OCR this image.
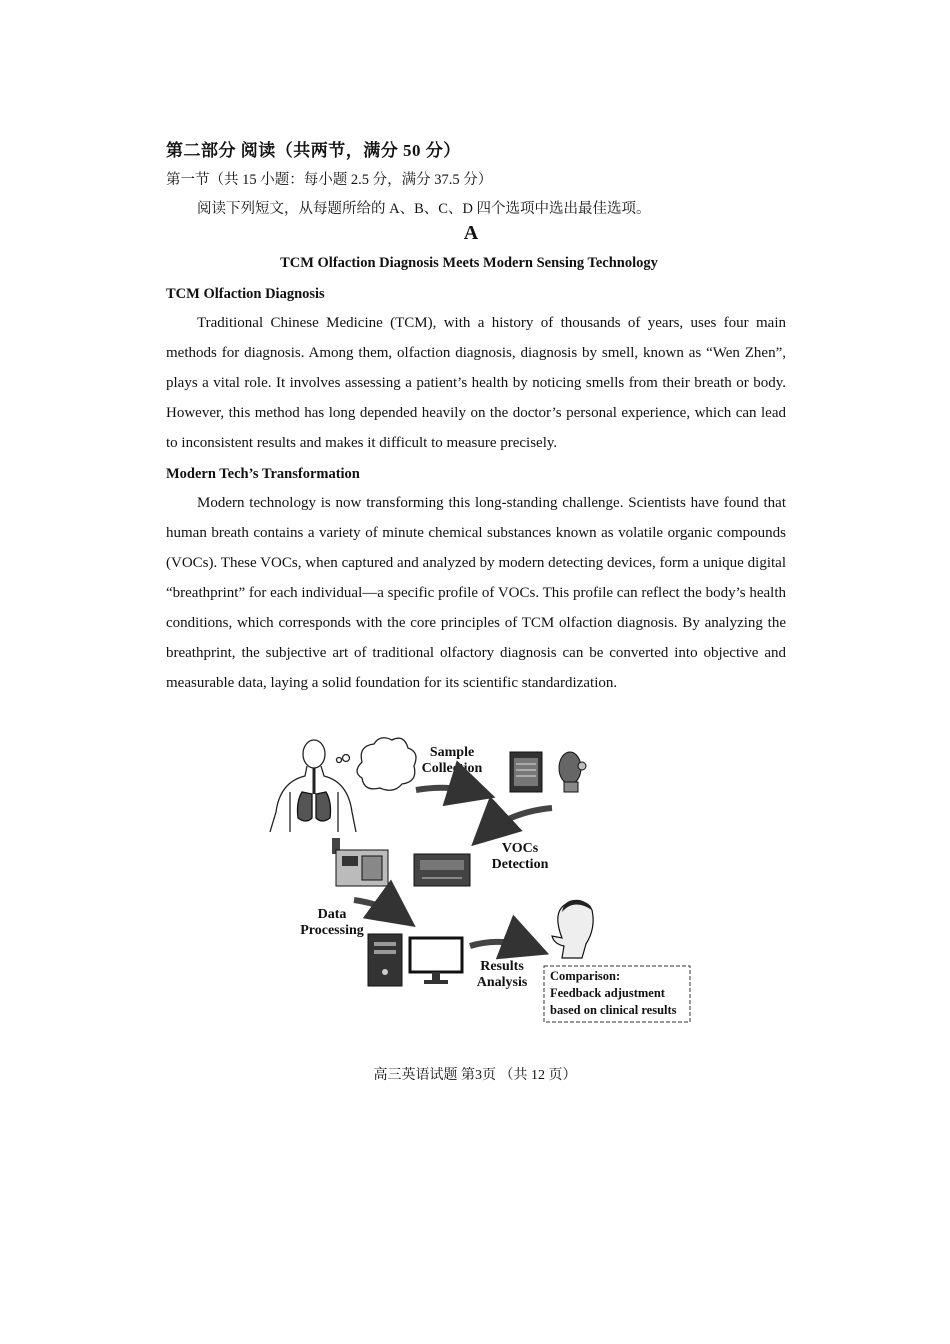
第二部分 阅读（共两节，满分 50 分）
第一节（共 15 小题：每小题 2.5 分，满分 37.5 分）
阅读下列短文，从每题所给的 A、B、C、D 四个选项中选出最佳选项。
A
TCM Olfaction Diagnosis Meets Modern Sensing Technology
TCM Olfaction Diagnosis

Traditional Chinese Medicine (TCM), with a history of thousands of years, uses four main methods for diagnosis. Among them, olfaction diagnosis, diagnosis by smell, known as “Wen Zhen”, plays a vital role. It involves assessing a patient’s health by noticing smells from their breath or body. However, this method has long depended heavily on the doctor’s personal experience, which can lead to inconsistent results and makes it difficult to measure precisely.

Modern Tech’s Transformation

Modern technology is now transforming this long-standing challenge. Scientists have found that human breath contains a variety of minute chemical substances known as volatile organic compounds (VOCs). These VOCs, when captured and analyzed by modern detecting devices, form a unique digital “breathprint” for each individual—a specific profile of VOCs. This profile can reflect the body’s health conditions, which corresponds with the core principles of TCM olfaction diagnosis. By analyzing the breathprint, the subjective art of traditional olfactory diagnosis can be converted into objective and measurable data, laying a solid foundation for its scientific standardization.

Sample
Collection
VOCs
Detection
Data
Processing
Results
Analysis Comparison:
Feedback adjustment
based on clinical results
高三英语试题 第3页 （共 12 页）
